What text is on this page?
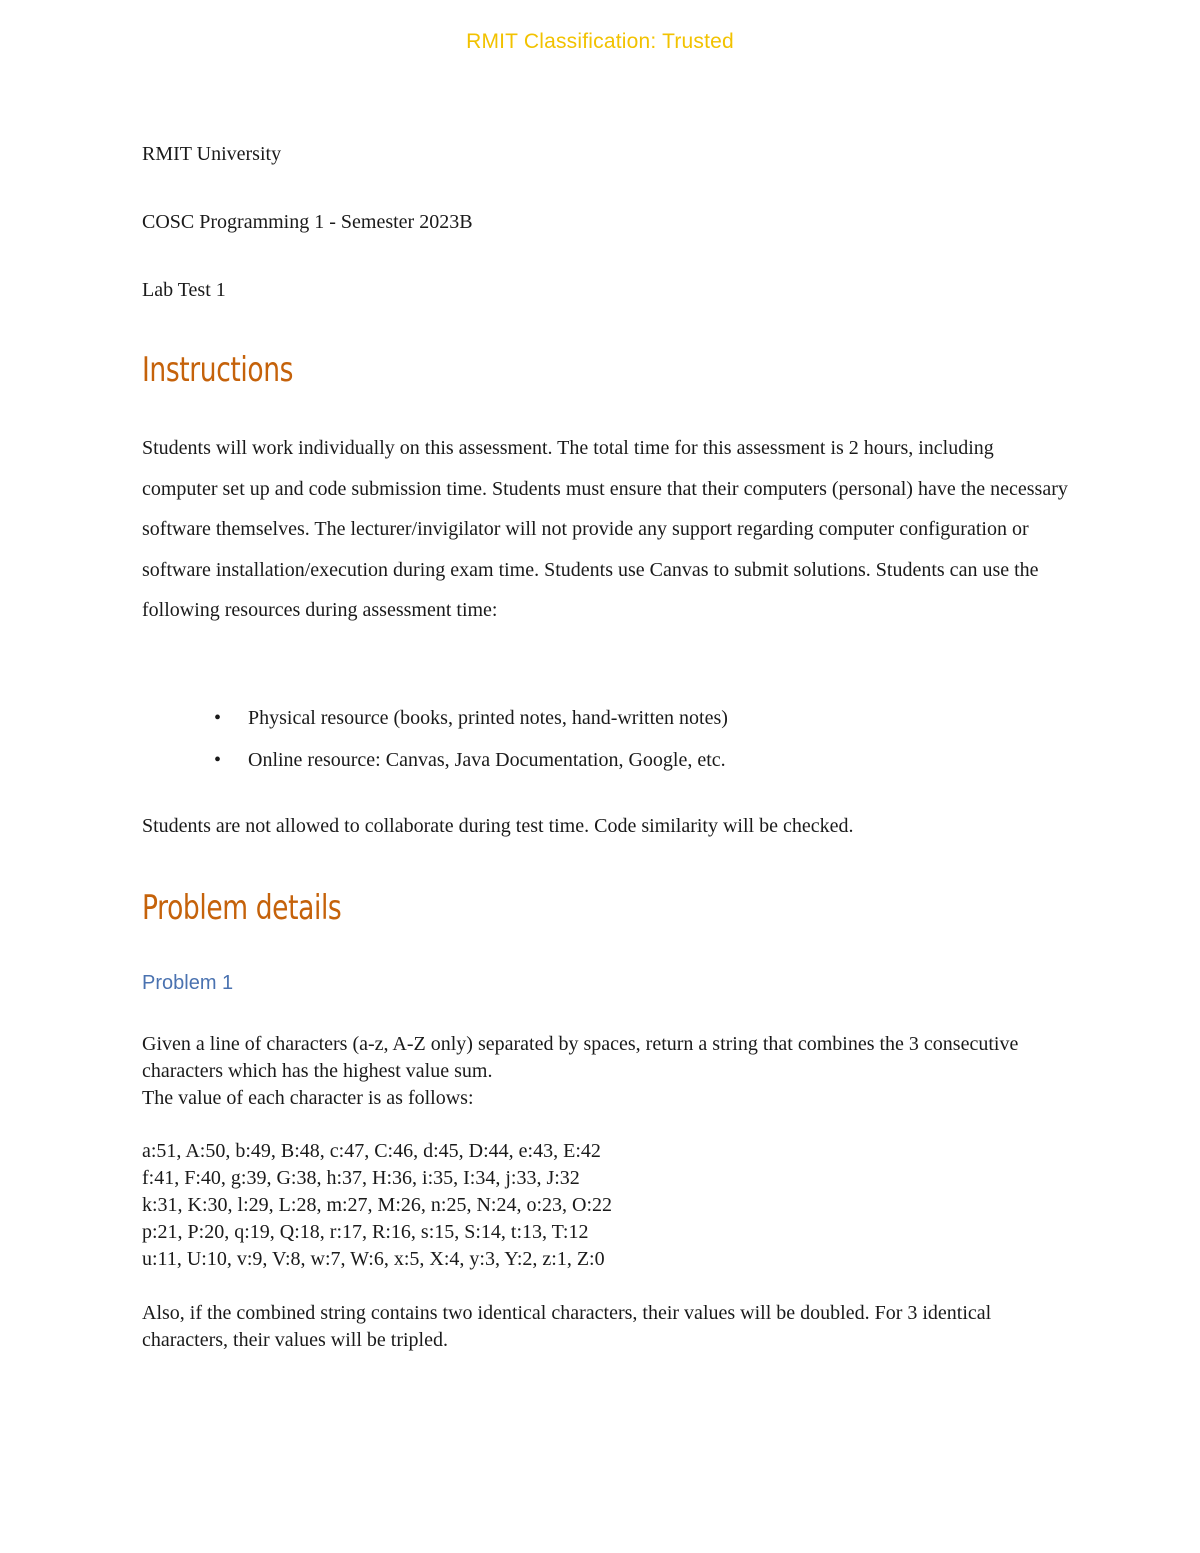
RMIT Classification: Trusted
RMIT University
COSC Programming 1 - Semester 2023B
Lab Test 1
Instructions
Students will work individually on this assessment. The total time for this assessment is 2 hours, including computer set up and code submission time. Students must ensure that their computers (personal) have the necessary software themselves. The lecturer/invigilator will not provide any support regarding computer configuration or software installation/execution during exam time. Students use Canvas to submit solutions. Students can use the following resources during assessment time:
• Physical resource (books, printed notes, hand-written notes)
• Online resource: Canvas, Java Documentation, Google, etc.
Students are not allowed to collaborate during test time. Code similarity will be checked.
Problem details
Problem 1
Given a line of characters (a-z, A-Z only) separated by spaces, return a string that combines the 3 consecutive characters which has the highest value sum.
The value of each character is as follows:
a:51, A:50, b:49, B:48, c:47, C:46, d:45, D:44, e:43, E:42
f:41, F:40, g:39, G:38, h:37, H:36, i:35, I:34, j:33, J:32
k:31, K:30, l:29, L:28, m:27, M:26, n:25, N:24, o:23, O:22
p:21, P:20, q:19, Q:18, r:17, R:16, s:15, S:14, t:13, T:12
u:11, U:10, v:9, V:8, w:7, W:6, x:5, X:4, y:3, Y:2, z:1, Z:0
Also, if the combined string contains two identical characters, their values will be doubled. For 3 identical characters, their values will be tripled.
